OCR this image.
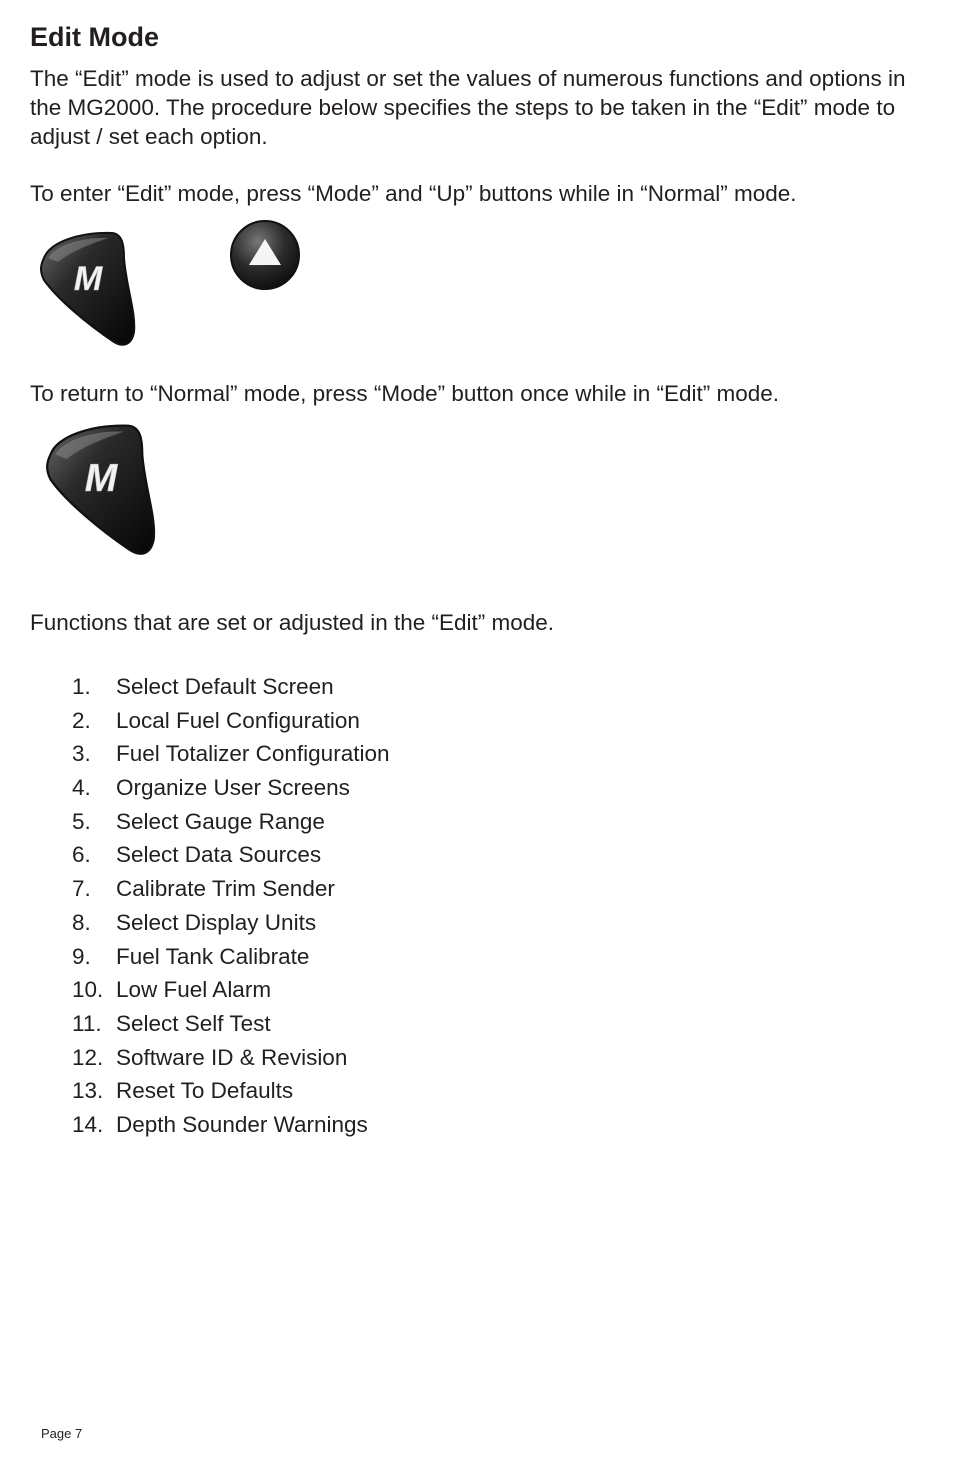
Edit Mode

The “Edit” mode is used to adjust or set the values of numerous functions and options in the MG2000. The procedure below specifies the steps to be taken in the “Edit” mode to adjust / set each option.

To enter “Edit” mode, press “Mode” and “Up” buttons while in “Normal” mode.

M

To return to “Normal” mode, press “Mode” button once while in “Edit” mode.

M

Functions that are set or adjusted in the “Edit” mode.

1.	Select Default Screen
2.	Local Fuel Configuration
3.	Fuel Totalizer Configuration
4.	Organize User Screens
5.	Select Gauge Range
6.	Select Data Sources
7.	Calibrate Trim Sender
8.	Select Display Units
9.	Fuel Tank Calibrate
10. Low Fuel Alarm
11. Select Self Test
12. Software ID & Revision
13. Reset To Defaults
14. Depth Sounder Warnings
Page 7
